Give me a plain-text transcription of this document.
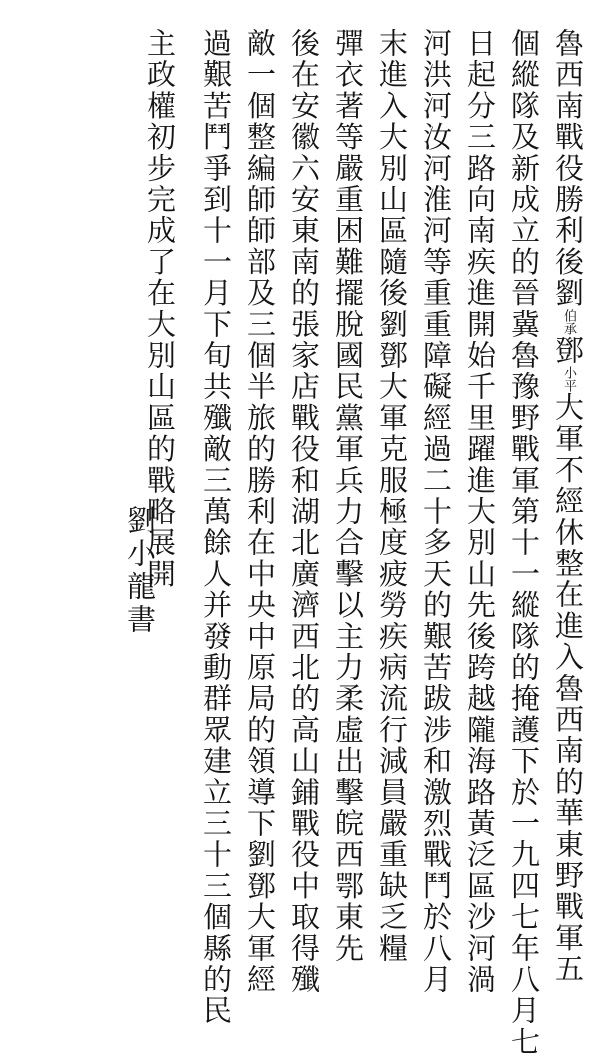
魯西南戰役勝利後劉伯承鄧小平大軍不經休整在進入魯西南的華東野戰軍五
個縱隊及新成立的晉冀魯豫野戰軍第十一縱隊的掩護下於一九四七年八月七
日起分三路向南疾進開始千里躍進大別山先後跨越隴海路黃泛區沙河渦
河洪河汝河淮河等重重障礙經過二十多天的艱苦跋涉和激烈戰鬥於八月
末進入大別山區隨後劉鄧大軍克服極度疲勞疾病流行減員嚴重缺乏糧
彈衣著等嚴重困難擺脫國民黨軍兵力合擊以主力柔虛出擊皖西鄂東先
後在安徽六安東南的張家店戰役和湖北廣濟西北的高山鋪戰役中取得殲
敵一個整編師師部及三個半旅的勝利在中央中原局的領導下劉鄧大軍經
過艱苦鬥爭到十一月下旬共殲敵三萬餘人并發動群眾建立三十三個縣的民
主政權初步完成了在大別山區的戰略展開
劉小龍書
